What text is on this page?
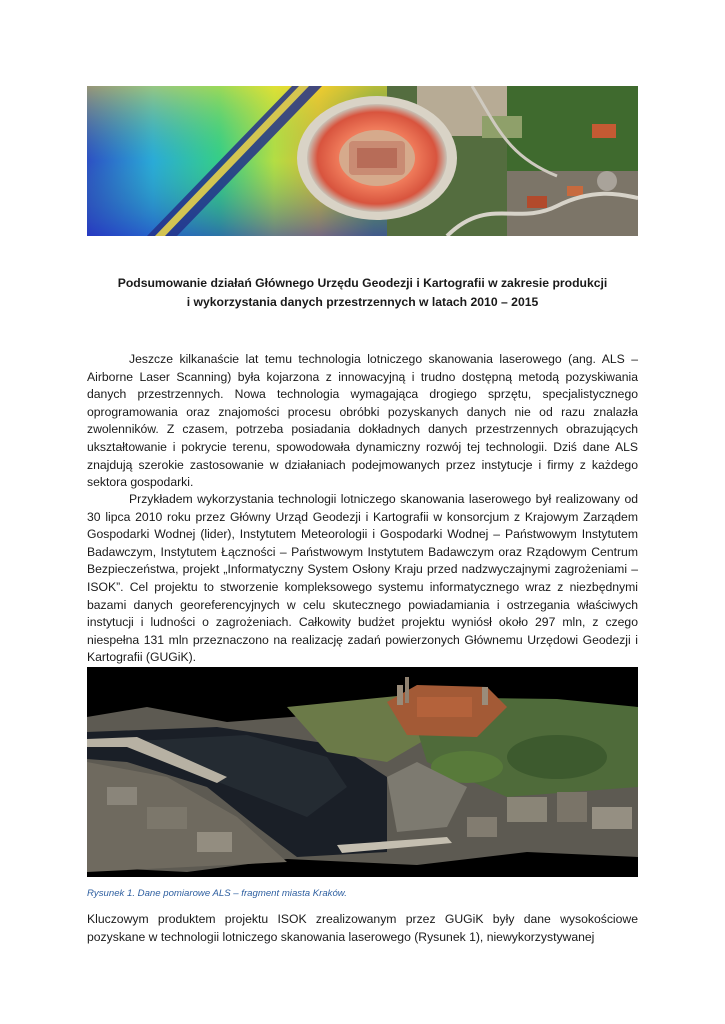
Podsumowanie działań Głównego Urzędu Geodezji i Kartografii w zakresie produkcji
i wykorzystania danych przestrzennych w latach 2010 – 2015

Jeszcze kilkanaście lat temu technologia lotniczego skanowania laserowego (ang. ALS – Airborne Laser Scanning) była kojarzona z innowacyjną i trudno dostępną metodą pozyskiwania danych przestrzennych. Nowa technologia wymagająca drogiego sprzętu, specjalistycznego oprogramowania oraz znajomości procesu obróbki pozyskanych danych nie od razu znalazła zwolenników. Z czasem, potrzeba posiadania dokładnych danych przestrzennych obrazujących ukształtowanie i pokrycie terenu, spowodowała dynamiczny rozwój tej technologii. Dziś dane ALS znajdują szerokie zastosowanie w działaniach podejmowanych przez instytucje i firmy z każdego sektora gospodarki.

Przykładem wykorzystania technologii lotniczego skanowania laserowego był realizowany od 30 lipca 2010 roku przez Główny Urząd Geodezji i Kartografii w konsorcjum z Krajowym Zarządem Gospodarki Wodnej (lider), Instytutem Meteorologii i Gospodarki Wodnej – Państwowym Instytutem Badawczym, Instytutem Łączności – Państwowym Instytutem Badawczym oraz Rządowym Centrum Bezpieczeństwa, projekt „Informatyczny System Osłony Kraju przed nadzwyczajnymi zagrożeniami – ISOK”. Cel projektu to stworzenie kompleksowego systemu informatycznego wraz z niezbędnymi bazami danych georeferencyjnych w celu skutecznego powiadamiania i ostrzegania właściwych instytucji i ludności o zagrożeniach. Całkowity budżet projektu wyniósł około 297 mln, z czego niespełna 131 mln przeznaczono na realizację zadań powierzonych Głównemu Urzędowi Geodezji i Kartografii (GUGiK).

Rysunek 1. Dane pomiarowe ALS – fragment miasta Kraków.

Kluczowym produktem projektu ISOK zrealizowanym przez GUGiK były dane wysokościowe pozyskane w technologii lotniczego skanowania laserowego (Rysunek 1), niewykorzystywanej
